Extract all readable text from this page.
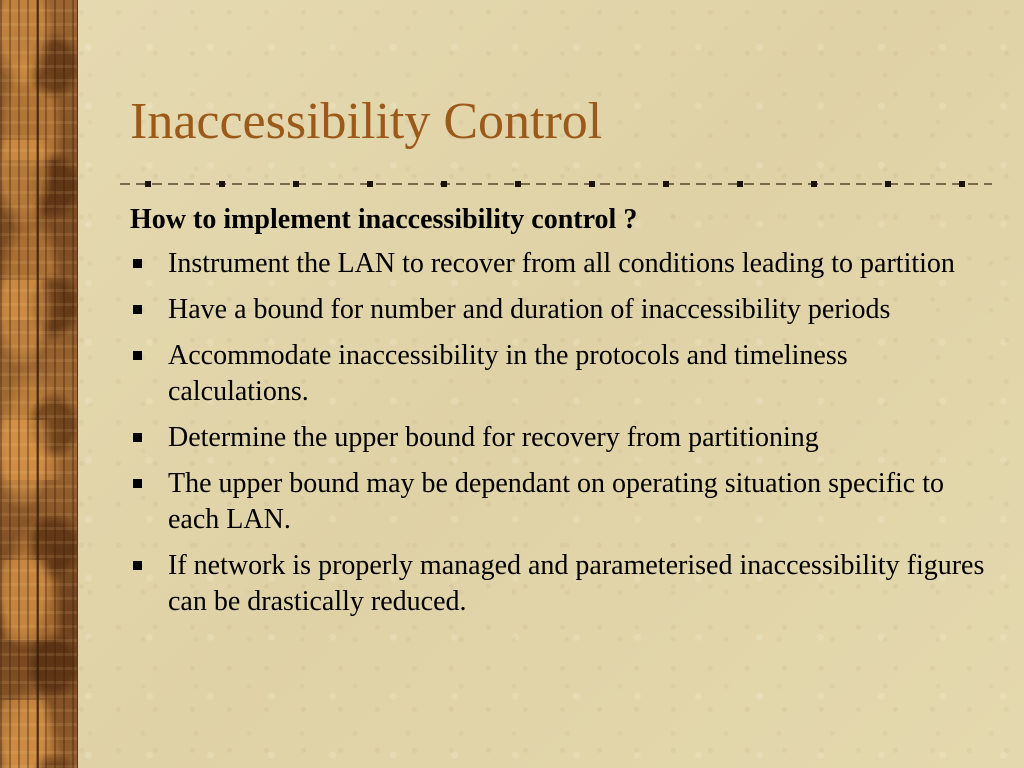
Inaccessibility Control

How to implement inaccessibility control ?

Instrument the LAN to recover from all conditions leading to partition
Have a bound for number and duration of inaccessibility periods
Accommodate inaccessibility in the protocols and timeliness calculations.
Determine the upper bound for recovery from partitioning
The upper bound may be dependant on operating situation specific to each LAN.
If network is properly managed and parameterised inaccessibility figures can be drastically reduced.
